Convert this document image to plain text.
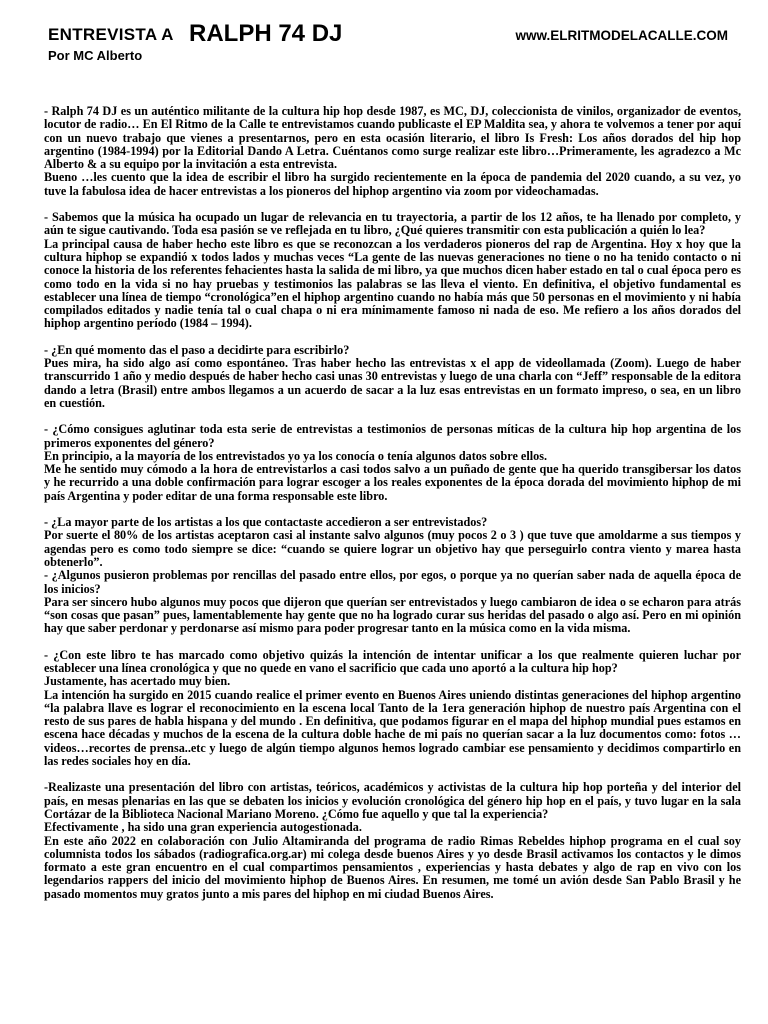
ENTREVISTA A RALPH 74 DJ	www.ELRITMODELACALLE.COM
Por MC Alberto

- Ralph 74 DJ es un auténtico militante de la cultura hip hop desde 1987, es MC, DJ, coleccionista de vinilos, organizador de eventos, locutor de radio… En El Ritmo de la Calle te entrevistamos cuando publicaste el EP Maldita sea, y ahora te volvemos a tener por aquí con un nuevo trabajo que vienes a presentarnos, pero en esta ocasión literario, el libro Is Fresh: Los años dorados del hip hop argentino (1984-1994) por la Editorial Dando A Letra. Cuéntanos como surge realizar este libro…Primeramente, les agradezco a Mc Alberto & a su equipo por la invitación a esta entrevista.
Bueno …les cuento que la idea de escribir el libro ha surgido recientemente en la época de pandemia del 2020 cuando, a su vez, yo tuve la fabulosa idea de hacer entrevistas a los pioneros del hiphop argentino via zoom por videochamadas.

- Sabemos que la música ha ocupado un lugar de relevancia en tu trayectoria, a partir de los 12 años, te ha llenado por completo, y aún te sigue cautivando. Toda esa pasión se ve reflejada en tu libro, ¿Qué quieres transmitir con esta publicación a quién lo lea?
La principal causa de haber hecho este libro es que se reconozcan a los verdaderos pioneros del rap de Argentina. Hoy x hoy que la cultura hiphop se expandió x todos lados y muchas veces “La gente de las nuevas generaciones no tiene o no ha tenido contacto o ni conoce la historia de los referentes fehacientes hasta la salida de mi libro, ya que muchos dicen haber estado en tal o cual época pero es como todo en la vida si no hay pruebas y testimonios las palabras se las lleva el viento. En definitiva, el objetivo fundamental es establecer una línea de tiempo “cronológica”en el hiphop argentino cuando no había más que 50 personas en el movimiento y ni había compilados editados y nadie tenía tal o cual chapa o ni era mínimamente famoso ni nada de eso. Me refiero a los años dorados del hiphop argentino período (1984 – 1994).

- ¿En qué momento das el paso a decidirte para escribirlo?
Pues mira, ha sido algo así como espontáneo. Tras haber hecho las entrevistas x el app de videollamada (Zoom). Luego de haber transcurrido 1 año y medio después de haber hecho casi unas 30 entrevistas y luego de una charla con “Jeff” responsable de la editora dando a letra (Brasil) entre ambos llegamos a un acuerdo de sacar a la luz esas entrevistas en un formato impreso, o sea, en un libro en cuestión.

- ¿Cómo consigues aglutinar toda esta serie de entrevistas a testimonios de personas míticas de la cultura hip hop argentina de los primeros exponentes del género?
En principio, a la mayoría de los entrevistados yo ya los conocía o tenía algunos datos sobre ellos.
Me he sentido muy cómodo a la hora de entrevistarlos a casi todos salvo a un puñado de gente que ha querido transgibersar los datos y he recurrido a una doble confirmación para lograr escoger a los reales exponentes de la época dorada del movimiento hiphop de mi país Argentina y poder editar de una forma responsable este libro.

- ¿La mayor parte de los artistas a los que contactaste accedieron a ser entrevistados?
Por suerte el 80% de los artistas aceptaron casi al instante salvo algunos (muy pocos 2 o 3 ) que tuve que amoldarme a sus tiempos y agendas pero es como todo siempre se dice: “cuando se quiere lograr un objetivo hay que perseguirlo contra viento y marea hasta obtenerlo”.
- ¿Algunos pusieron problemas por rencillas del pasado entre ellos, por egos, o porque ya no querían saber nada de aquella época de los inicios?
Para ser sincero hubo algunos muy pocos que dijeron que querían ser entrevistados y luego cambiaron de idea o se echaron para atrás “son cosas que pasan” pues, lamentablemente hay gente que no ha logrado curar sus heridas del pasado o algo así. Pero en mi opinión hay que saber perdonar y perdonarse así mismo para poder progresar tanto en la música como en la vida misma.

- ¿Con este libro te has marcado como objetivo quizás la intención de intentar unificar a los que realmente quieren luchar por establecer una línea cronológica y que no quede en vano el sacrificio que cada uno aportó a la cultura hip hop?
Justamente, has acertado muy bien.
La intención ha surgido en 2015 cuando realice el primer evento en Buenos Aires uniendo distintas generaciones del hiphop argentino “la palabra llave es lograr el reconocimiento en la escena local Tanto de la 1era generación hiphop de nuestro país Argentina con el resto de sus pares de habla hispana y del mundo . En definitiva, que podamos figurar en el mapa del hiphop mundial pues estamos en escena hace décadas y muchos de la escena de la cultura doble hache de mi país no querían sacar a la luz documentos como: fotos …videos…recortes de prensa..etc y luego de algún tiempo algunos hemos logrado cambiar ese pensamiento y decidimos compartirlo en las redes sociales hoy en día.

-Realizaste una presentación del libro con artistas, teóricos, académicos y activistas de la cultura hip hop porteña y del interior del país, en mesas plenarias en las que se debaten los inicios y evolución cronológica del género hip hop en el país, y tuvo lugar en la sala Cortázar de la Biblioteca Nacional Mariano Moreno. ¿Cómo fue aquello y que tal la experiencia?
Efectivamente , ha sido una gran experiencia autogestionada.
En este año 2022 en colaboración con Julio Altamiranda del programa de radio Rimas Rebeldes hiphop programa en el cual soy columnista todos los sábados (radiografica.org.ar) mi colega desde buenos Aires y yo desde Brasil activamos los contactos y le dimos formato a este gran encuentro en el cual compartimos pensamientos , experiencias y hasta debates y algo de rap en vivo con los legendarios rappers del inicio del movimiento hiphop de Buenos Aires. En resumen, me tomé un avión desde San Pablo Brasil y he pasado momentos muy gratos junto a mis pares del hiphop en mi ciudad Buenos Aires.
